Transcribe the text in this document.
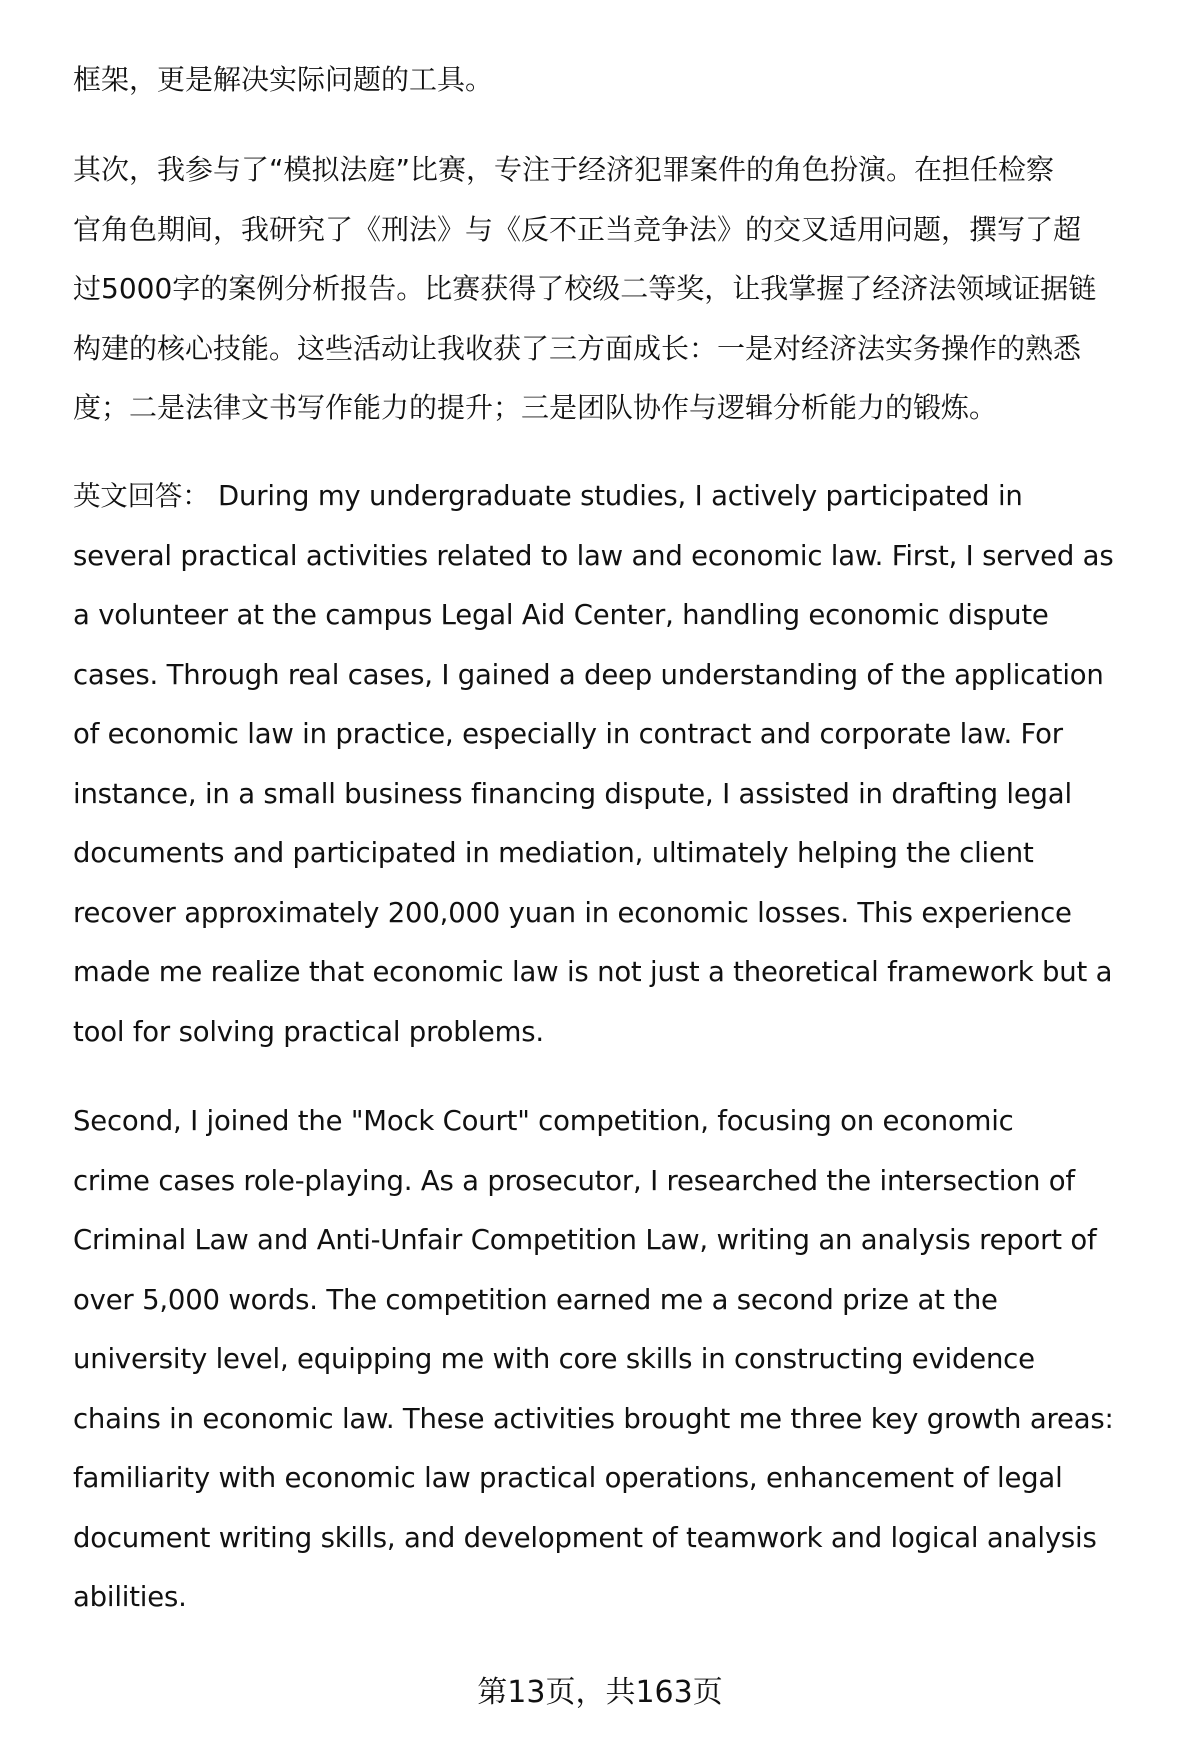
框架，更是解决实际问题的工具。
其次，我参与了“模拟法庭”比赛，专注于经济犯罪案件的角色扮演。在担任检察
官角色期间，我研究了《刑法》与《反不正当竞争法》的交叉适用问题，撰写了超
过5000字的案例分析报告。比赛获得了校级二等奖，让我掌握了经济法领域证据链
构建的核心技能。这些活动让我收获了三方面成长：一是对经济法实务操作的熟悉
度；二是法律文书写作能力的提升；三是团队协作与逻辑分析能力的锻炼。
英文回答： During my undergraduate studies, I actively participated in
several practical activities related to law and economic law. First, I served as
a volunteer at the campus Legal Aid Center, handling economic dispute
cases. Through real cases, I gained a deep understanding of the application
of economic law in practice, especially in contract and corporate law. For
instance, in a small business financing dispute, I assisted in drafting legal
documents and participated in mediation, ultimately helping the client
recover approximately 200,000 yuan in economic losses. This experience
made me realize that economic law is not just a theoretical framework but a
tool for solving practical problems.
Second, I joined the "Mock Court" competition, focusing on economic
crime cases role-playing. As a prosecutor, I researched the intersection of
Criminal Law and Anti-Unfair Competition Law, writing an analysis report of
over 5,000 words. The competition earned me a second prize at the
university level, equipping me with core skills in constructing evidence
chains in economic law. These activities brought me three key growth areas:
familiarity with economic law practical operations, enhancement of legal
document writing skills, and development of teamwork and logical analysis
abilities.
第13页，共163页
